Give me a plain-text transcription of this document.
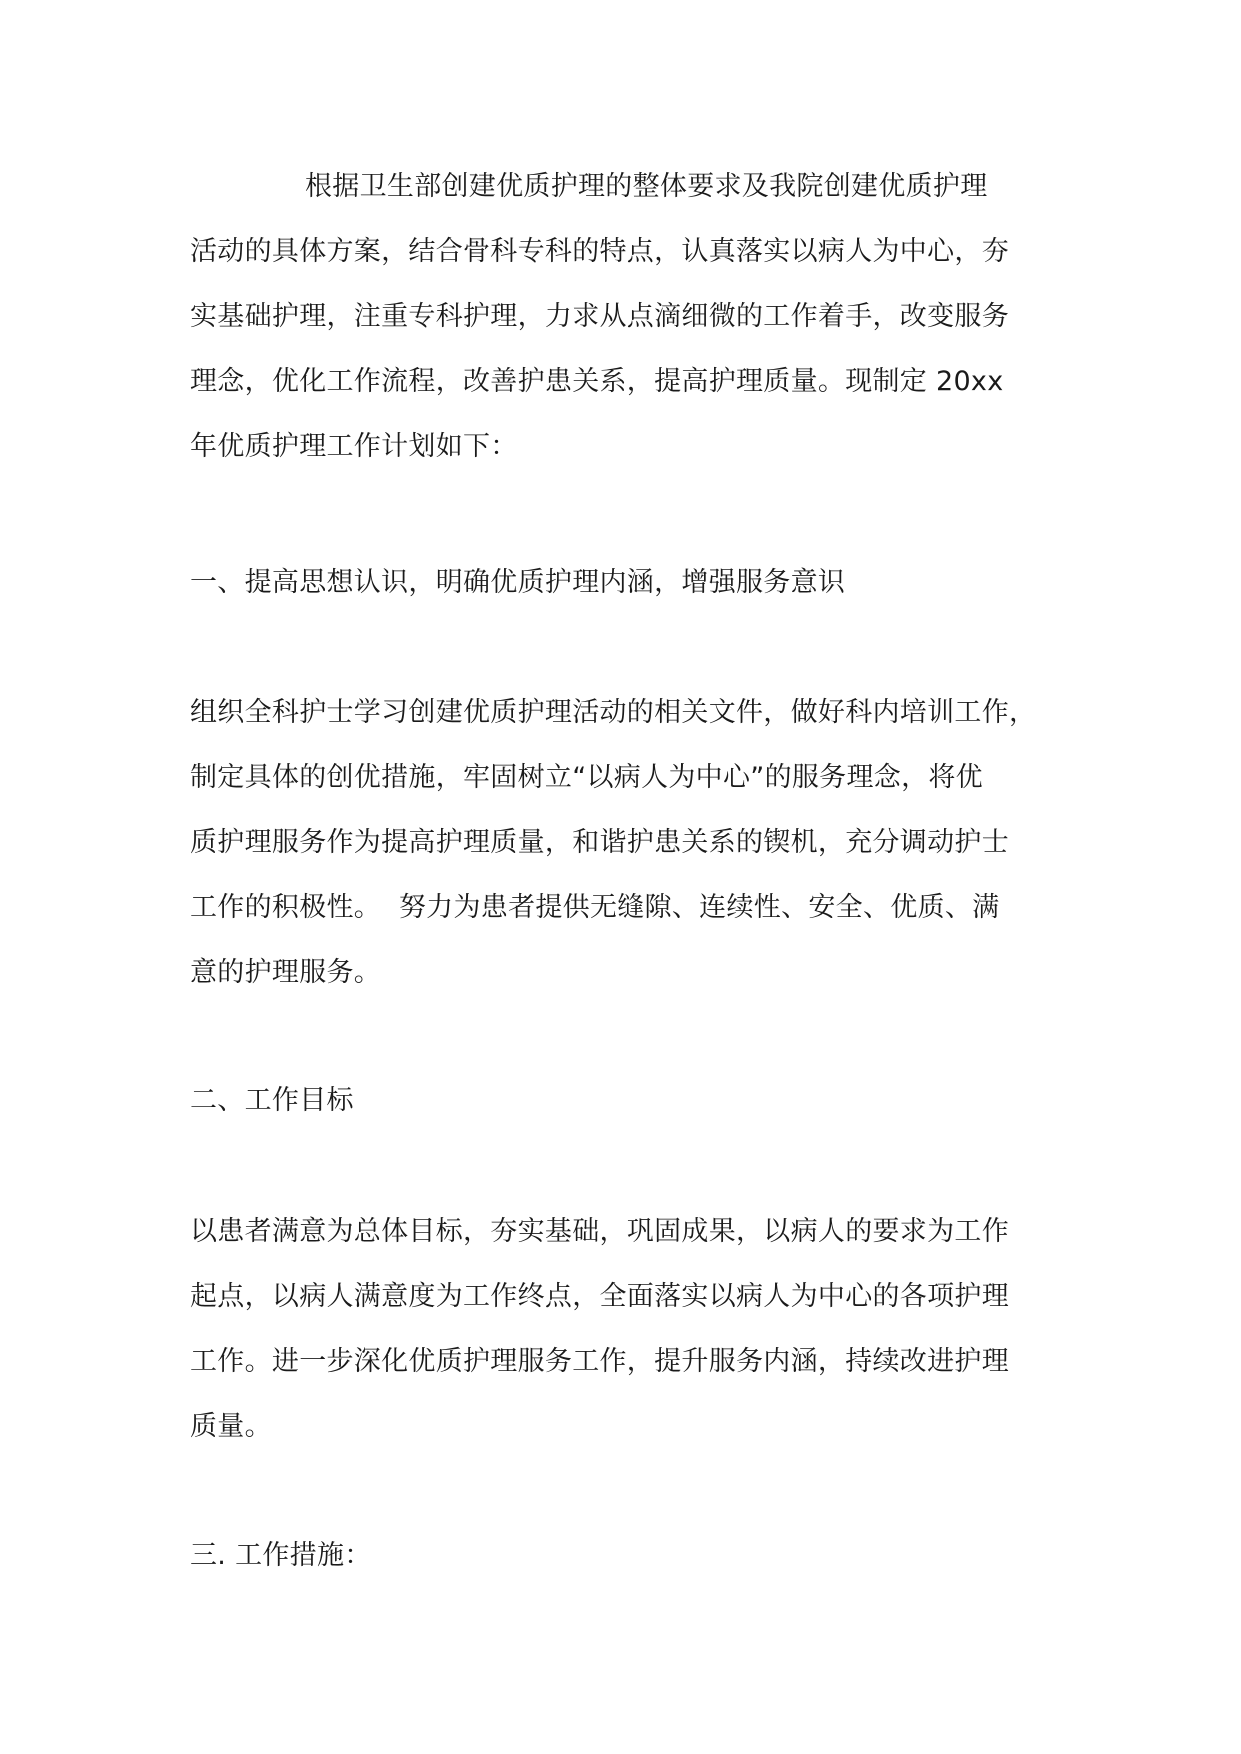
根据卫生部创建优质护理的整体要求及我院创建优质护理
活动的具体方案，结合骨科专科的特点，认真落实以病人为中心，夯
实基础护理，注重专科护理，力求从点滴细微的工作着手，改变服务
理念，优化工作流程，改善护患关系，提高护理质量。现制定 20xx
年优质护理工作计划如下：
一、提高思想认识，明确优质护理内涵，增强服务意识
组织全科护士学习创建优质护理活动的相关文件，做好科内培训工作，
制定具体的创优措施，牢固树立“以病人为中心”的服务理念，将优
质护理服务作为提高护理质量，和谐护患关系的锲机，充分调动护士
工作的积极性。  努力为患者提供无缝隙、连续性、安全、优质、满
意的护理服务。
二、工作目标
以患者满意为总体目标，夯实基础，巩固成果，以病人的要求为工作
起点，以病人满意度为工作终点，全面落实以病人为中心的各项护理
工作。进一步深化优质护理服务工作，提升服务内涵，持续改进护理
质量。
三. 工作措施：
